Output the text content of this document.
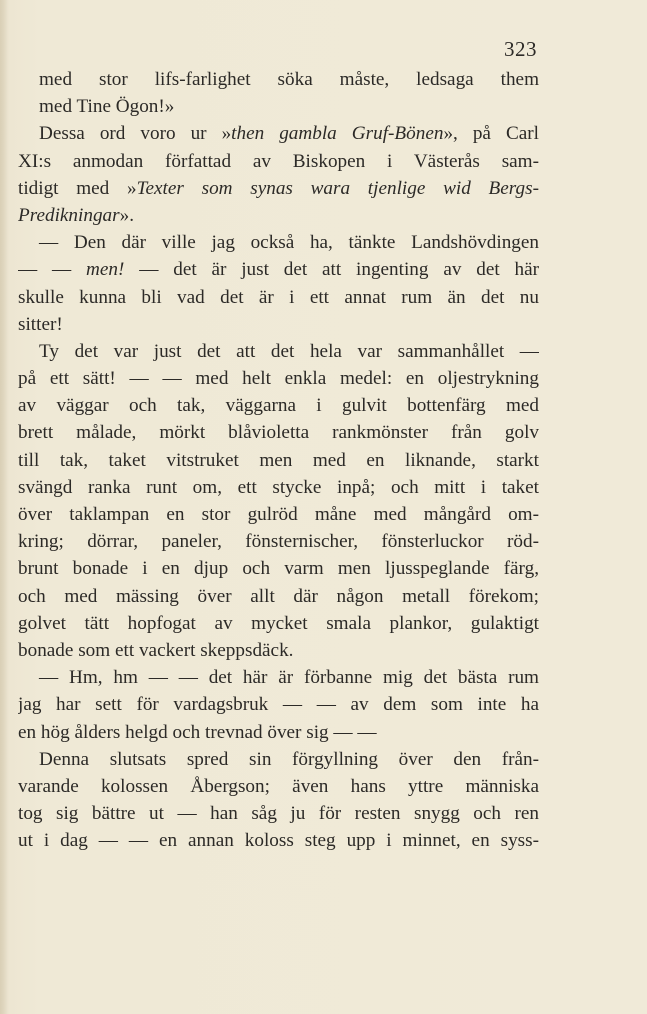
323
med stor lifs-farlighet söka måste, ledsaga them
med Tine Ögon!»
Dessa ord voro ur »then gambla Gruf-Bönen», på Carl
XI:s anmodan författad av Biskopen i Västerås sam-
tidigt med »Texter som synas wara tjenlige wid Bergs-
Predikningar».
— Den där ville jag också ha, tänkte Landshövdingen
— — men! — det är just det att ingenting av det här
skulle kunna bli vad det är i ett annat rum än det nu
sitter!
Ty det var just det att det hela var sammanhållet —
på ett sätt! — — med helt enkla medel: en oljestrykning
av väggar och tak, väggarna i gulvit bottenfärg med
brett målade, mörkt blåvioletta rankmönster från golv
till tak, taket vitstruket men med en liknande, starkt
svängd ranka runt om, ett stycke inpå; och mitt i taket
över taklampan en stor gulröd måne med mångård om-
kring; dörrar, paneler, fönsternischer, fönsterluckor röd-
brunt bonade i en djup och varm men ljusspeglande färg,
och med mässing över allt där någon metall förekom;
golvet tätt hopfogat av mycket smala plankor, gulaktigt
bonade som ett vackert skeppsdäck.
— Hm, hm — — det här är förbanne mig det bästa rum
jag har sett för vardagsbruk — — av dem som inte ha
en hög ålders helgd och trevnad över sig — —
Denna slutsats spred sin förgyllning över den från-
varande kolossen Åbergson; även hans yttre människa
tog sig bättre ut — han såg ju för resten snygg och ren
ut i dag — — en annan koloss steg upp i minnet, en syss-
